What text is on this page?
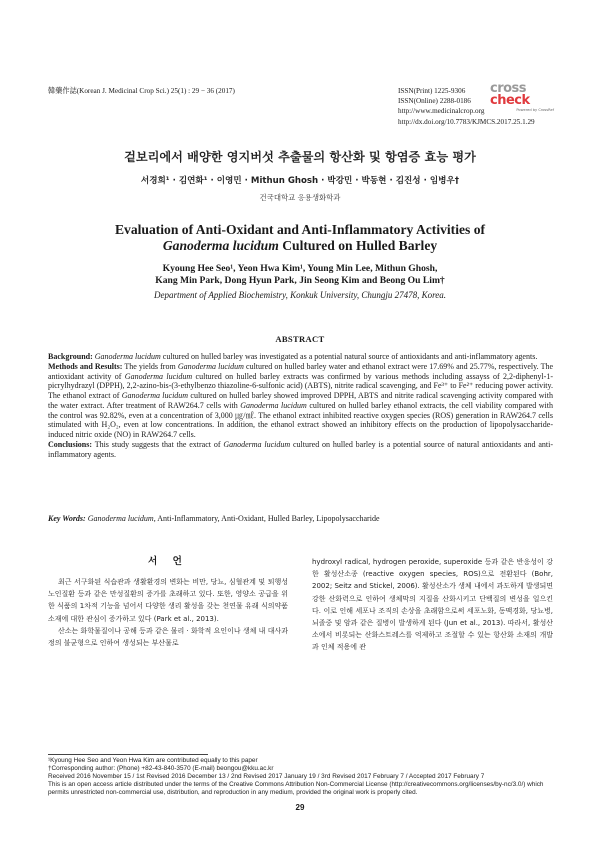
韓藥作誌(Korean J. Medicinal Crop Sci.) 25(1) : 29 − 36 (2017)	ISSN(Print) 1225-9306
ISSN(Online) 2288-0186
http://www.medicinalcrop.org
http://dx.doi.org/10.7783/KJMCS.2017.25.1.29
cross
check
Powered by CrossRef
겉보리에서 배양한 영지버섯 추출물의 항산화 및 항염증 효능 평가
서경희¹ · 김연화¹ · 이영민 · Mithun Ghosh · 박강민 · 박동현 · 김진성 · 임병우†
건국대학교 응용생화학과
Evaluation of Anti-Oxidant and Anti-Inflammatory Activities of
Ganoderma lucidum Cultured on Hulled Barley
Kyoung Hee Seo¹, Yeon Hwa Kim¹, Young Min Lee, Mithun Ghosh,
Kang Min Park, Dong Hyun Park, Jin Seong Kim and Beong Ou Lim†
Department of Applied Biochemistry, Konkuk University, Chungju 27478, Korea.
ABSTRACT

Background: Ganoderma lucidum cultured on hulled barley was investigated as a potential natural source of antioxidants and anti-inflammatory agents.

Methods and Results: The yields from Ganoderma lucidum cultured on hulled barley water and ethanol extract were 17.69% and 25.77%, respectively. The antioxidant activity of Ganoderma lucidum cultured on hulled barley extracts was confirmed by various methods including assayss of 2,2-diphenyl-1-picrylhydrazyl (DPPH), 2,2-azino-bis-(3-ethylbenzo thiazoline-6-sulfonic acid) (ABTS), nitrite radical scavenging, and Fe³⁺ to Fe²⁺ reducing power activity. The ethanol extract of Ganoderma lucidum cultured on hulled barley showed improved DPPH, ABTS and nitrite radical scavenging activity compared with the water extract. After treatment of RAW264.7 cells with Ganoderma lucidum cultured on hulled barley ethanol extracts, the cell viability compared with the control was 92.82%, even at a concentration of 3,000 ㎍/㎖. The ethanol extract inhibited reactive oxygen species (ROS) generation in RAW264.7 cells stimulated with H₂O₂, even at low concentrations. In addition, the ethanol extract showed an inhibitory effects on the production of lipopolysaccharide-induced nitric oxide (NO) in RAW264.7 cells.

Conclusions: This study suggests that the extract of Ganoderma lucidum cultured on hulled barley is a potential source of natural antioxidants and anti-inflammatory agents.

Key Words: Ganoderma lucidum, Anti-Inflammatory, Anti-Oxidant, Hulled Barley, Lipopolysaccharide
서 언

최근 서구화된 식습관과 생활환경의 변화는 비만, 당뇨, 심혈관계 및 퇴행성 노인질환 등과 같은 만성질환의 증가를 초래하고 있다. 또한, 영양소 공급을 위한 식품의 1차적 기능을 넘어서 다양한 생리 활성을 갖는 천연물 유래 식의약품 소재에 대한 관심이 증가하고 있다 (Park et al., 2013).

산소는 화학물질이나 공해 등과 같은 물리 · 화학적 요인이나 생체 내 대사과정의 불균형으로 인하여 생성되는 부산물로

hydroxyl radical, hydrogen peroxide, superoxide 등과 같은 반응성이 강한 활성산소종 (reactive oxygen species, ROS)으로 전환된다 (Bohr, 2002; Seitz and Stickel, 2006). 활성산소가 생체 내에서 과도하게 발생되면 강한 산화력으로 인하여 생체막의 지질을 산화시키고 단백질의 변성을 일으킨다. 이로 인해 세포나 조직의 손상을 초래함으로써 세포노화, 동맥경화, 당뇨병, 뇌졸중 및 암과 같은 질병이 발생하게 된다 (Jun et al., 2013). 따라서, 활성산소에서 비롯되는 산화스트레스를 억제하고 조절할 수 있는 항산화 소재의 개발과 인체 적용에 관

¹Kyoung Hee Seo and Yeon Hwa Kim are contributed equally to this paper

†Corresponding author: (Phone) +82-43-840-3570 (E-mail) beongou@kku.ac.kr

Received 2016 November 15 / 1st Revised 2016 December 13 / 2nd Revised 2017 January 19 / 3rd Revised 2017 February 7 / Accepted 2017 February 7

This is an open access article distributed under the terms of the Creative Commons Attribution Non-Commercial License (http://creativecommons.org/licenses/by-nc/3.0/) which permits unrestricted non-commercial use, distribution, and reproduction in any medium, provided the original work is properly cited.

29
